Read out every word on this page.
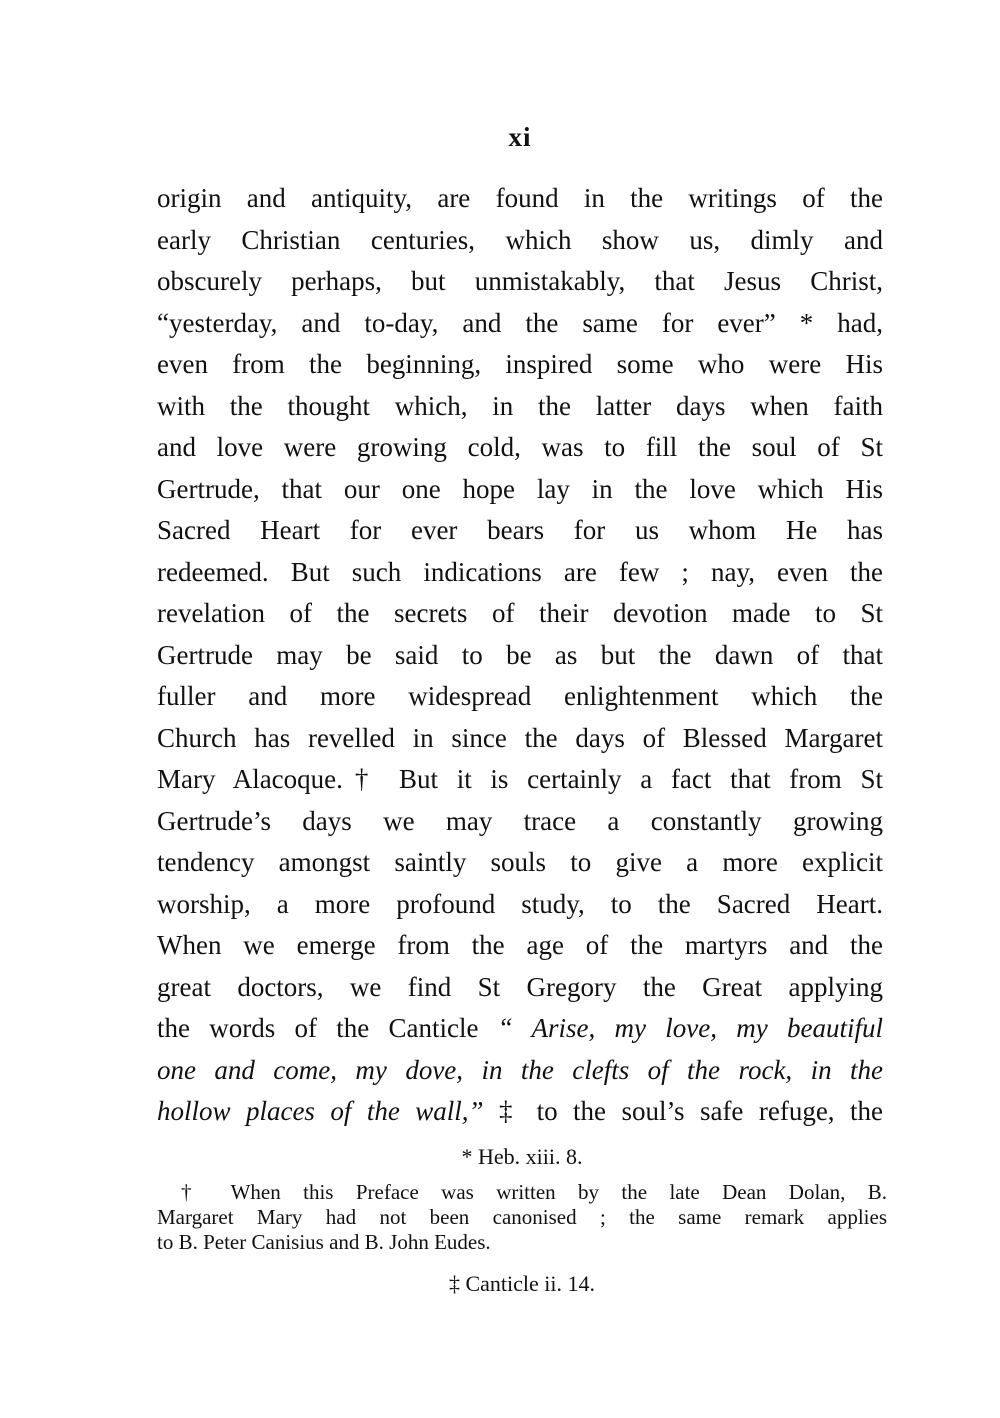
xi
origin and antiquity, are found in the writings of the
early Christian centuries, which show us, dimly and
obscurely perhaps, but unmistakably, that Jesus Christ,
“yesterday, and to-day, and the same for ever” * had,
even from the beginning, inspired some who were His
with the thought which, in the latter days when faith
and love were growing cold, was to fill the soul of St
Gertrude, that our one hope lay in the love which His
Sacred Heart for ever bears for us whom He has
redeemed. But such indications are few ; nay, even the
revelation of the secrets of their devotion made to St
Gertrude may be said to be as but the dawn of that
fuller and more widespread enlightenment which the
Church has revelled in since the days of Blessed Margaret
Mary Alacoque.† But it is certainly a fact that from St
Gertrude’s days we may trace a constantly growing
tendency amongst saintly souls to give a more explicit
worship, a more profound study, to the Sacred Heart.
When we emerge from the age of the martyrs and the
great doctors, we find St Gregory the Great applying
the words of the Canticle “ Arise, my love, my beautiful
one and come, my dove, in the clefts of the rock, in the
hollow places of the wall,” ‡ to the soul’s safe refuge, the
* Heb. xiii. 8.
† When this Preface was written by the late Dean Dolan, B.
Margaret Mary had not been canonised ; the same remark applies
to B. Peter Canisius and B. John Eudes.
‡ Canticle ii. 14.
